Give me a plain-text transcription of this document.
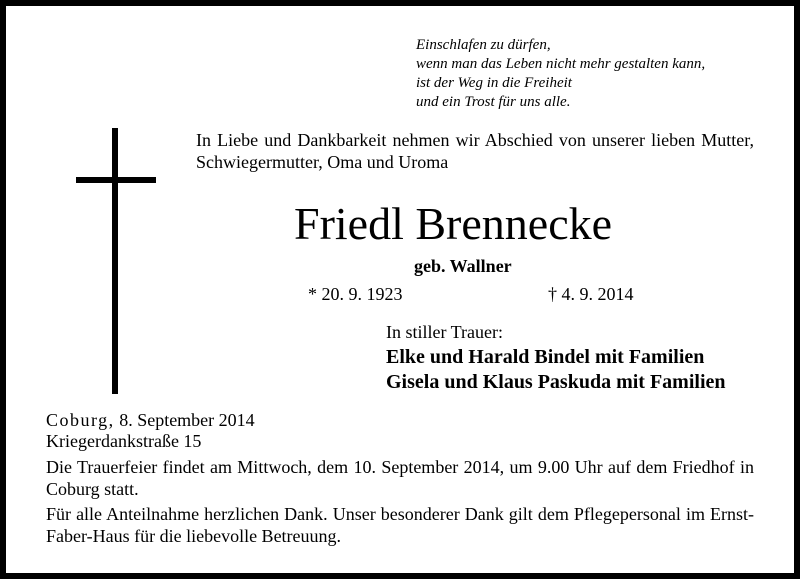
Einschlafen zu dürfen,
wenn man das Leben nicht mehr gestalten kann,
ist der Weg in die Freiheit
und ein Trost für uns alle.
In Liebe und Dankbarkeit nehmen wir Abschied von unserer lieben Mutter, Schwiegermutter, Oma und Uroma
Friedl Brennecke
geb. Wallner
* 20. 9. 1923	† 4. 9. 2014
In stiller Trauer:
Elke und Harald Bindel mit Familien
Gisela und Klaus Paskuda mit Familien
Coburg, 8. September 2014
Kriegerdankstraße 15
Die Trauerfeier findet am Mittwoch, dem 10. September 2014, um 9.00 Uhr auf dem Friedhof in Coburg statt.
Für alle Anteilnahme herzlichen Dank. Unser besonderer Dank gilt dem Pflegepersonal im Ernst-Faber-Haus für die liebevolle Betreuung.
